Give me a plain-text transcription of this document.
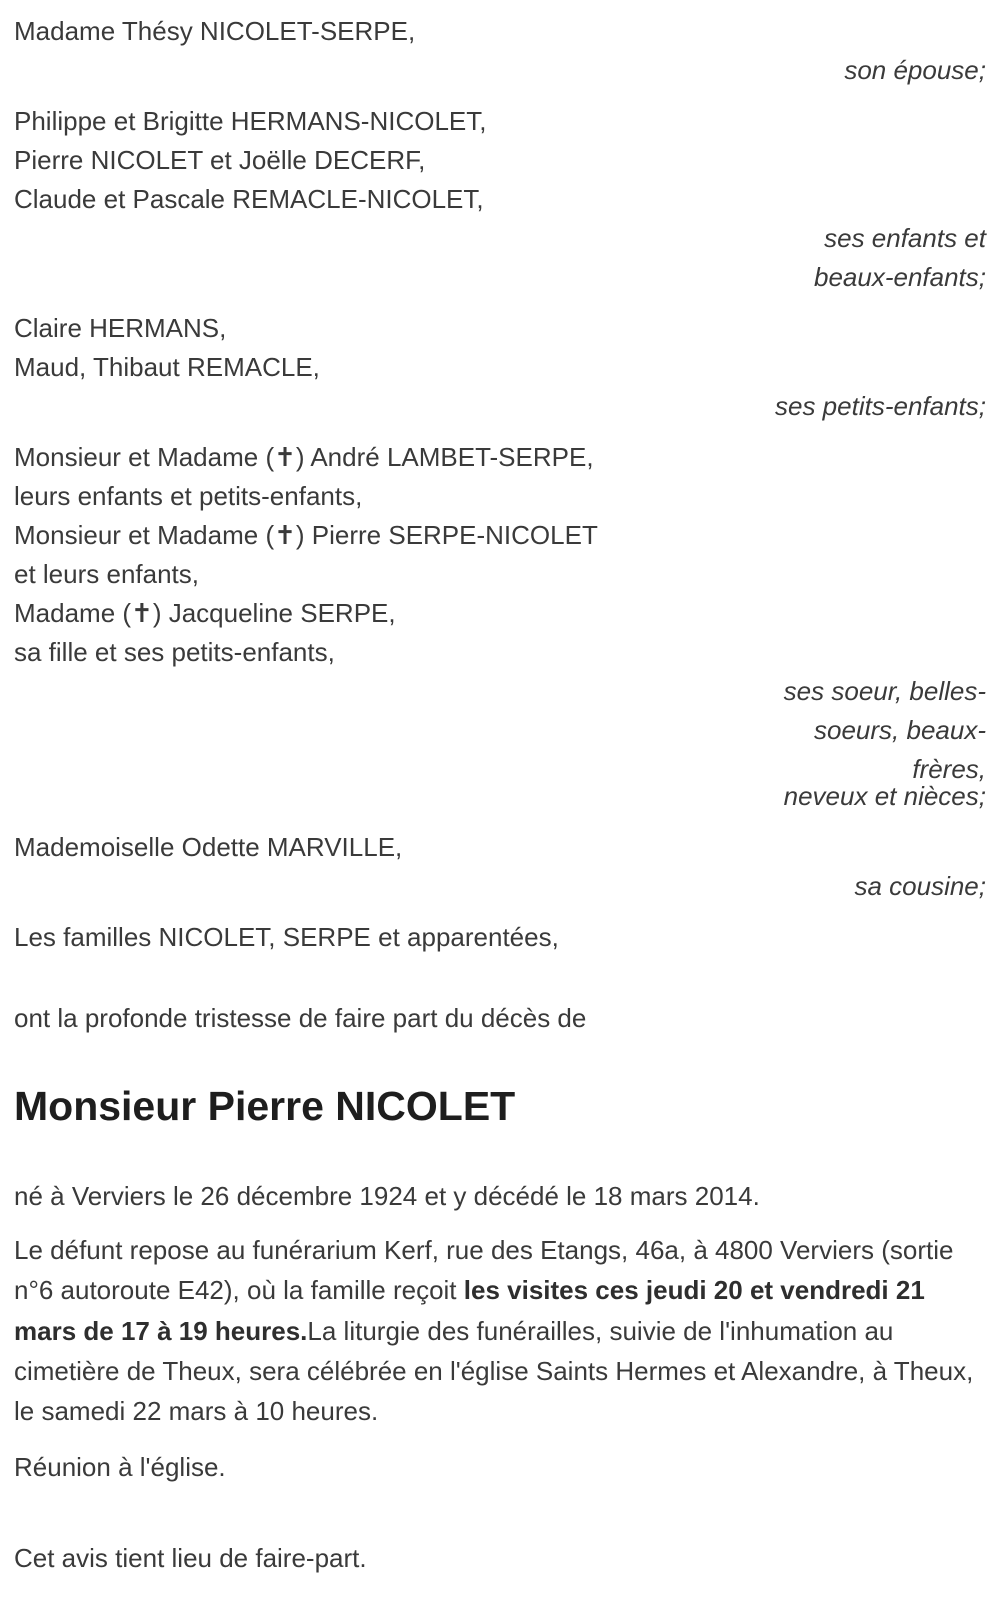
Madame Thésy NICOLET-SERPE,

son épouse;

Philippe et Brigitte HERMANS-NICOLET,

Pierre NICOLET et Joëlle DECERF,

Claude et Pascale REMACLE-NICOLET,

ses enfants et

beaux-enfants;

Claire HERMANS,

Maud, Thibaut REMACLE,

ses petits-enfants;

Monsieur et Madame (✝) André LAMBET-SERPE,

leurs enfants et petits-enfants,

Monsieur et Madame (✝) Pierre SERPE-NICOLET

et leurs enfants,

Madame (✝) Jacqueline SERPE,

sa fille et ses petits-enfants,

ses soeur, belles-

soeurs, beaux-

frères,

neveux et nièces;

Mademoiselle Odette MARVILLE,

sa cousine;

Les familles NICOLET, SERPE et apparentées,

ont la profonde tristesse de faire part du décès de

Monsieur Pierre NICOLET

né à Verviers le 26 décembre 1924 et y décédé le 18 mars 2014.

Le défunt repose au funérarium Kerf, rue des Etangs, 46a, à 4800 Verviers (sortie n°6 autoroute E42), où la famille reçoit les visites ces jeudi 20 et vendredi 21 mars de 17 à 19 heures.La liturgie des funérailles, suivie de l'inhumation au cimetière de Theux, sera célébrée en l'église Saints Hermes et Alexandre, à Theux, le samedi 22 mars à 10 heures.

Réunion à l'église.

Cet avis tient lieu de faire-part.
